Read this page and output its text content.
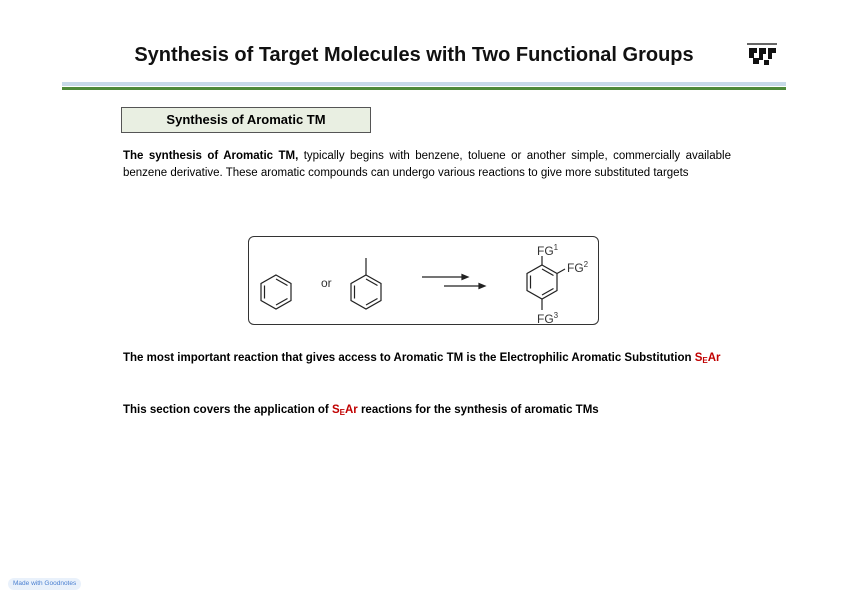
Synthesis of Target Molecules with Two Functional Groups
Synthesis of Aromatic TM
The synthesis of Aromatic TM, typically begins with benzene, toluene or another simple, commercially available benzene derivative. These aromatic compounds can undergo various reactions to give more substituted targets
or
$FG^1$
$FG^2$
$FG^3$
The most important reaction that gives access to Aromatic TM is the Electrophilic Aromatic Substitution $S_EAr$
This section covers the application of $S_EAr$ reactions for the synthesis of aromatic TMs
Made with Goodnotes
